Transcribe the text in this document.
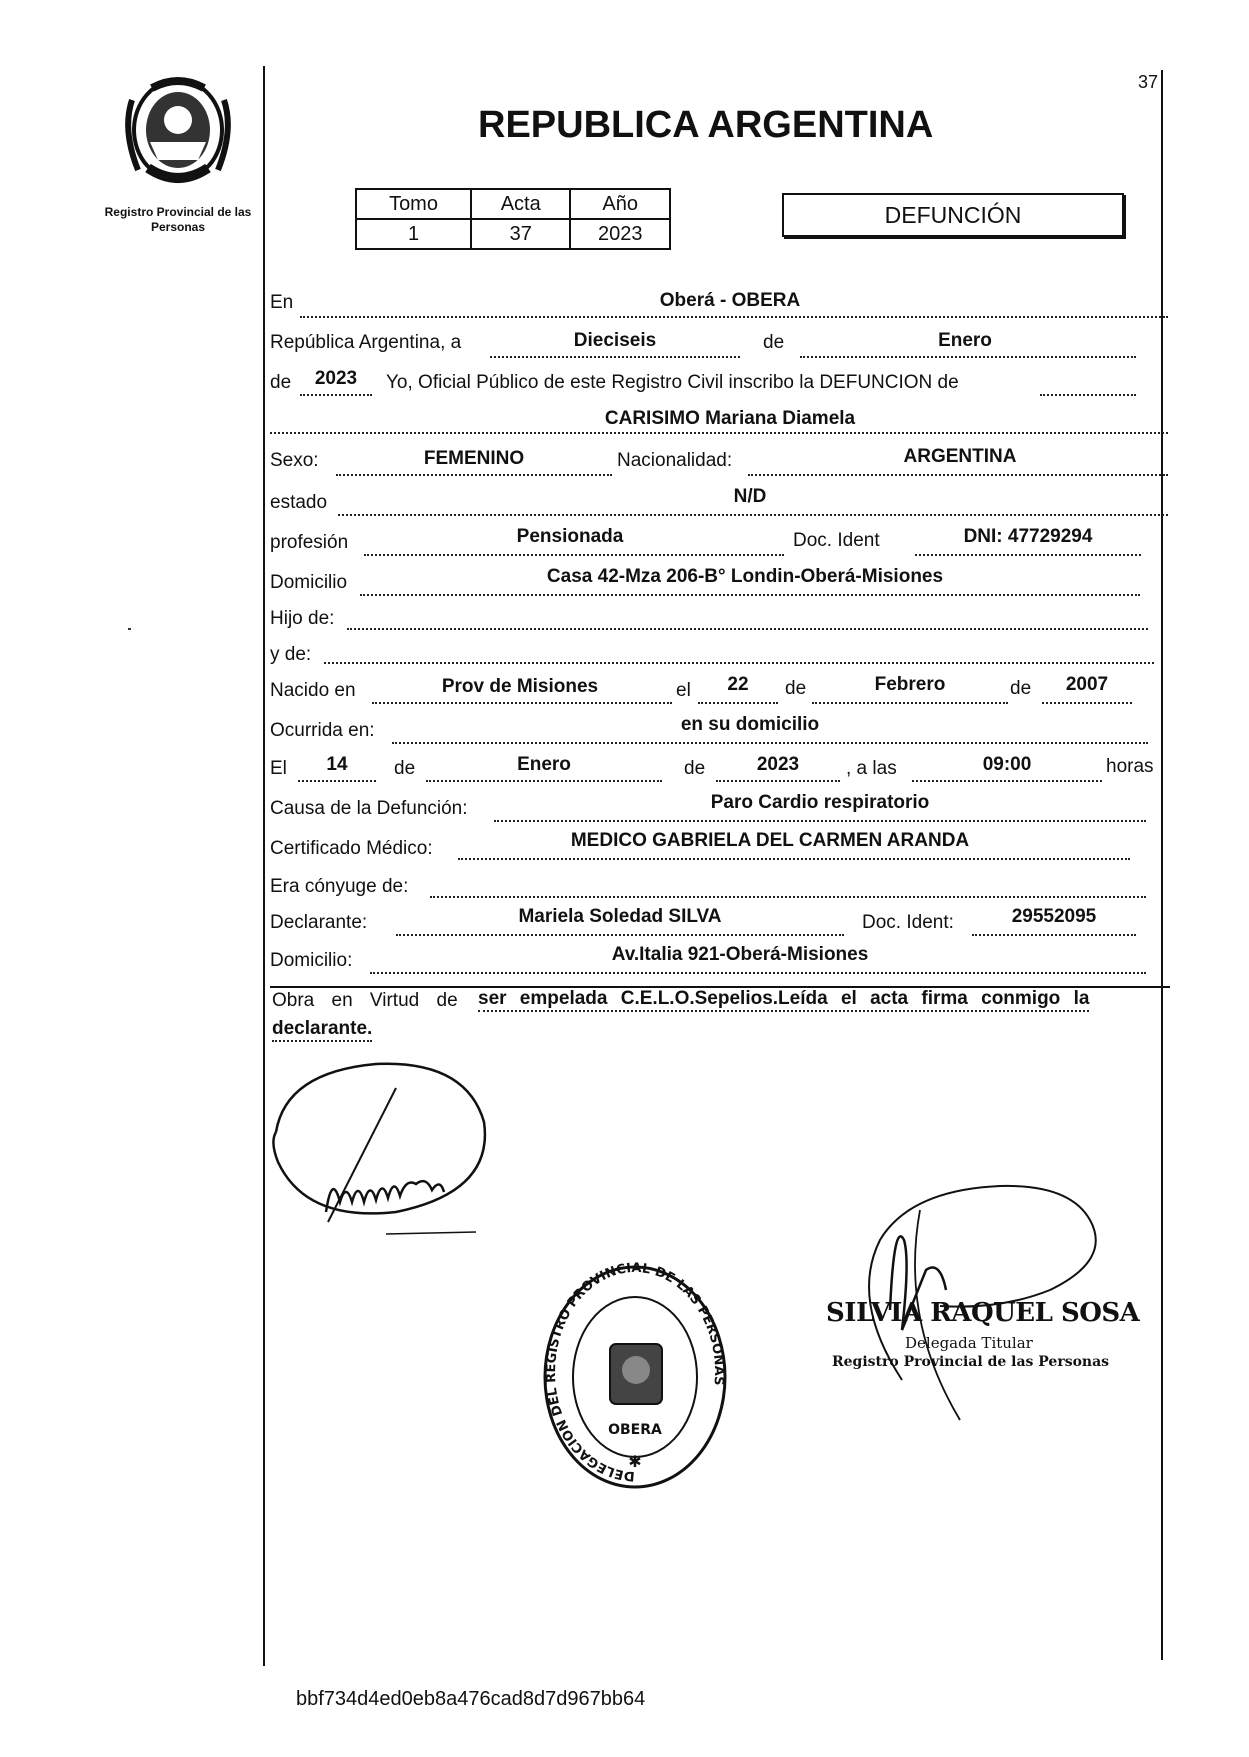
37
Registro Provincial de las Personas
REPUBLICA ARGENTINA
Tomo	Acta	Año
1	37	2023
DEFUNCIÓN
En	Oberá - OBERA
República Argentina, a	Dieciseis	de	Enero
de	2023	Yo, Oficial Público de este Registro Civil inscribo la DEFUNCION de
CARISIMO Mariana Diamela
Sexo:	FEMENINO	Nacionalidad:	ARGENTINA
estado	N/D
profesión	Pensionada	Doc. Ident	DNI: 47729294
Domicilio	Casa 42-Mza 206-B° Londin-Oberá-Misiones
Hijo de:
y de:
Nacido en	Prov de Misiones	el	22	de	Febrero	de	2007
Ocurrida en:	en su domicilio
El	14	de	Enero	de	2023	, a las	09:00	horas
Causa de la Defunción:	Paro Cardio respiratorio
Certificado Médico:	MEDICO GABRIELA DEL CARMEN ARANDA
Era cónyuge de:
Declarante:	Mariela Soledad SILVA	Doc. Ident:	29552095
Domicilio:	Av.Italia 921-Oberá-Misiones
Obra en Virtud de ser empelada C.E.L.O.Sepelios.Leída el acta firma conmigo la
declarante.
DELEGACION DEL REGISTRO PROVINCIAL DE LAS PERSONAS
OBERA
✱
SILVIA RAQUEL SOSA
Delegada Titular
Registro Provincial de las Personas
bbf734d4ed0eb8a476cad8d7d967bb64
